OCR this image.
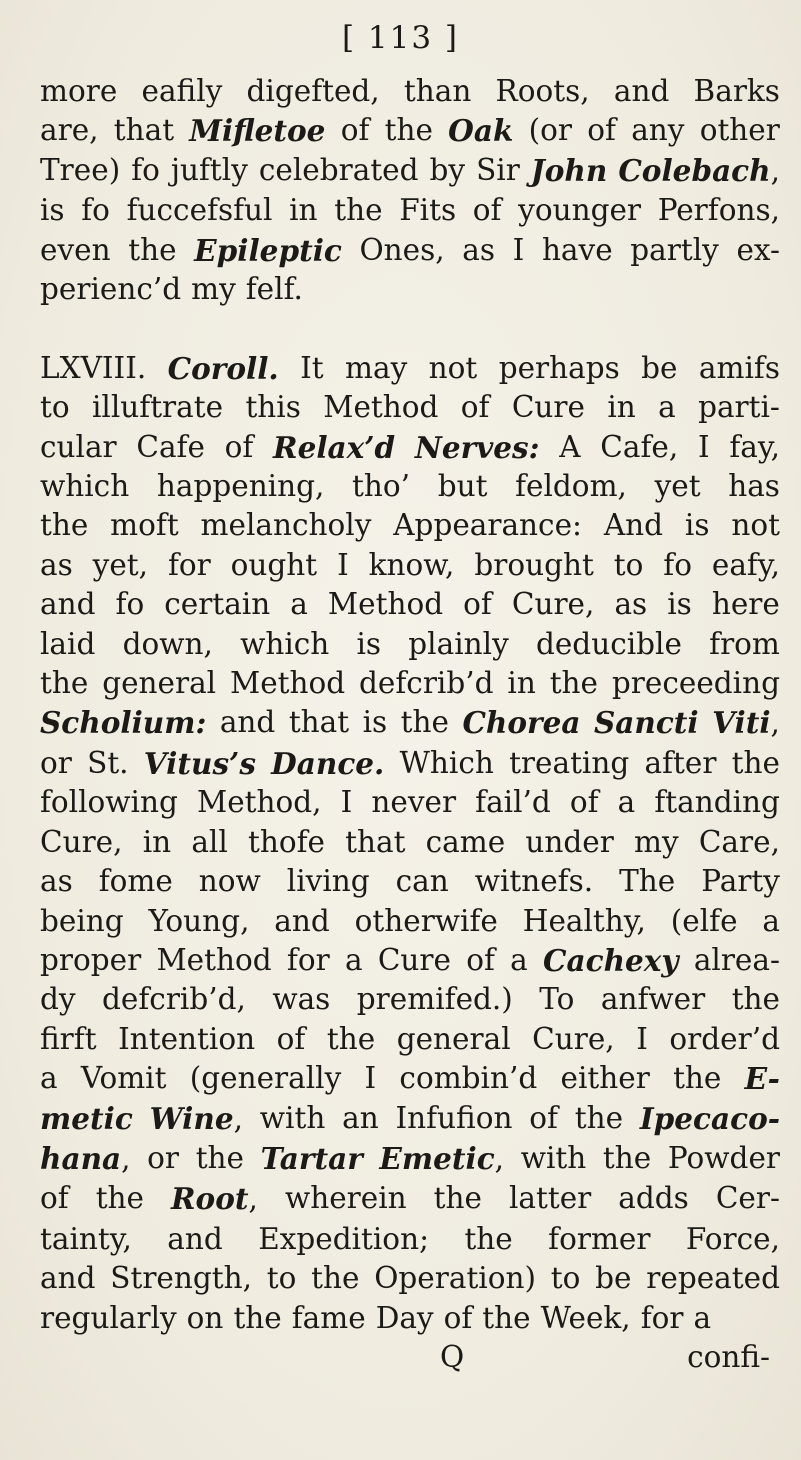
[ 113 ]
more eafily digefted, than Roots, and Barks
are, that Mifletoe of the Oak (or of any other
Tree) fo juftly celebrated by Sir John Colebach,
is fo fuccefsful in the Fits of younger Perfons,
even the Epileptic Ones, as I have partly ex-
perienc’d my felf.
LXVIII. Coroll. It may not perhaps be amifs
to illuftrate this Method of Cure in a parti-
cular Cafe of Relax’d Nerves: A Cafe, I fay,
which happening, tho’ but feldom, yet has
the moft melancholy Appearance: And is not
as yet, for ought I know, brought to fo eafy,
and fo certain a Method of Cure, as is here
laid down, which is plainly deducible from
the general Method defcrib’d in the preceeding
Scholium: and that is the Chorea Sancti Viti,
or St. Vitus’s Dance. Which treating after the
following Method, I never fail’d of a ftanding
Cure, in all thofe that came under my Care,
as fome now living can witnefs. The Party
being Young, and otherwife Healthy, (elfe a
proper Method for a Cure of a Cachexy alrea-
dy defcrib’d, was premifed.) To anfwer the
firft Intention of the general Cure, I order’d
a Vomit (generally I combin’d either the E-
metic Wine, with an Infufion of the Ipecaco-
hana, or the Tartar Emetic, with the Powder
of the Root, wherein the latter adds Cer-
tainty, and Expedition; the former Force,
and Strength, to the Operation) to be repeated
regularly on the fame Day of the Week, for a
Q	confi-
